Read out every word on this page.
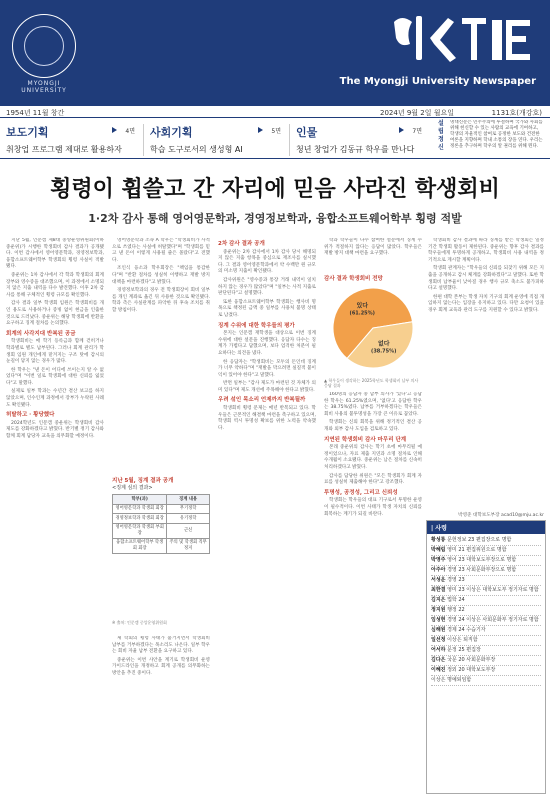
MYONGJI UNIVERSITY
The Myongji University Newspaper
1954년 11월 창간	2024년 9월 2일 월요일	1131호(개강호)
보도기획	4면
취창업 프로그램 제대로 활용하자
사회기획	5면
학습 도구로서의 생성형 AI
인물	7면
청년 창업가 김동규 학우를 만나다
설 립 정 신
명대신문은 민주주의에 투철하며 국가와 사회를 위해 헌신할 수 있는 사람의 교육에 기여하고, 학생의 자율적인 참여로 공정한 보도와 건전한 여론을 지향하며 학내 소통의 장을 연다. 우리는 정론을 추구하며 학우의 알 권리를 위해 뛴다.
횡령이 휩쓸고 간 자리에 믿음 사라진 학생회비
1·2차 감사 통해 영어영문학과, 경영정보학과, 융합소프트웨어학부 횡령 적발

지난 5월, 인문캠 제8대 중앙운영위원회(이하 중운위)가 시행한 학생회비 감사 결과가 공개됐다. 이번 감사에서 영어영문학과, 경영정보학과, 융합소프트웨어학부 학생회의 횡령 사실이 적발됐다.

중운위는 1차 감사에서 각 학과 학생회의 회계 장부와 영수증을 대조했으며, 이 과정에서 소명되지 않은 지출 내역을 다수 발견했다. 이후 2차 감사를 통해 구체적인 횡령 규모를 확인했다.

감사 결과 일부 학생회 임원은 학생회비를 개인 용도로 사용하거나 증빙 없이 현금을 인출한 것으로 드러났다. 중운위는 해당 학생회에 반환을 요구하고 징계 절차를 논의했다.

회계의 사각지대 반복된 공금

학생회비는 매 학기 등록금과 함께 걷히거나 학과별로 별도 납부된다. 그러나 회계 관리가 학생회 임원 개인에게 맡겨지는 구조 탓에 감시의 눈길이 닿지 않는 경우가 많다.

한 학우는 "낸 돈이 어디에 쓰이는지 알 수 없었다"며 "이번 일로 학생회에 대한 신뢰를 잃었다"고 말했다.

실제로 일부 학과는 수년간 결산 보고를 하지 않았으며, 인수인계 과정에서 장부가 누락된 사례도 확인됐다.

허탈하고 · 황당했다

2024학년도 인문캠 중운위는 학생회비 감사 제도를 강화하겠다고 밝혔다. 반기별 정기 감사와 함께 회계 담당자 교육을 의무화할 예정이다.

영어영문학과 소속 A 학우는 "학생회비가 사적으로 쓰였다는 사실에 허탈했다"며 "학생회를 믿고 낸 돈이 이렇게 사용될 줄은 몰랐다"고 전했다.

조인식 융소과 학우회장은 "책임을 통감한다"며 "반환 절차를 성실히 이행하고 재발 방지 대책을 마련하겠다"고 밝혔다.

경영정보학과의 경우 전 학생회장이 회비 일부를 개인 계좌로 옮긴 뒤 사용한 것으로 확인됐다. 학과 측은 사실관계를 파악한 뒤 후속 조치를 취할 방침이다.

지난 5월, 징계 결과 공개
<징계 심의 결과>
학부(과)	징계 내용
영어영문학과 학생회 회장	무기정학
경영정보학과 학생회 회장	유기정학
영어영문학과 학생회 부회장	근신
융합소프트웨어학부 학생회 회장	주의 및 학생회 직무 정지
※ 출처: 인문캠 중앙운영위원회

제 학회의 횡령 사태가 불거지면서 학생회비 납부를 거부하겠다는 목소리도 나온다. 일부 학우는 회비 자율 납부 전환을 요구하고 있다.

중운위는 이번 사안을 계기로 학생회비 운영 가이드라인을 개정하고 회계 공개를 의무화하는 방안을 추진 중이다.

2차 감사 결과 공개

중운위는 2차 감사에서 1차 감사 당시 해명되지 않은 지출 항목을 중심으로 재조사를 실시했다. 그 결과 영어영문학과에서 약 수백만 원 규모의 미소명 지출이 확인됐다.

감사위원은 "영수증과 통장 거래 내역이 일치하지 않는 경우가 많았다"며 "일부는 사적 지출로 판단된다"고 설명했다.

또한 융합소프트웨어학부 학생회는 행사비 명목으로 책정된 금액 중 일부를 사용처 불명 상태로 남겼다.

징계 수위에 대한 학우들의 평가

본지는 인문캠 재학생을 대상으로 이번 징계 수위에 대한 설문을 진행했다. 응답자 다수는 징계가 가볍다고 답했으며, 보다 엄격한 처분이 필요하다는 의견을 냈다.

한 응답자는 "학생회비는 모두의 돈인데 징계가 너무 약하다"며 "재발을 막으려면 실질적 불이익이 있어야 한다"고 말했다.

반면 일부는 "감사 제도가 마련된 것 자체가 의미 있다"며 제도 개선에 주목해야 한다고 밝혔다.

우려 섞인 목소리 언제까지 반복될까

학생회비 횡령 문제는 매년 반복되고 있다. 학우들은 근본적인 해결책 마련을 촉구하고 있으며, 학생회 역시 투명성 확보를 위한 노력을 약속했다.

학과 학우들이 다수 참여한 설문에서 징계 수위가 적절하지 않다는 응답이 많았다. 학우들은 재발 방지 대책 마련을 요구했다.

감사 결과 학생회비 전망
있다
(61.25%)
없다
(38.75%)
▲ 학우들이 생각하는 2025학년도 학생회비 납부 의사 응답 결과

160명의 응답자 중 납부 의사가 '있다'고 응답한 학우는 61.25%였으며, '없다'고 응답한 학우는 38.75%였다. 납부를 거부하겠다는 학우들은 회비 사용의 불투명성을 가장 큰 이유로 꼽았다.

학생회는 신뢰 회복을 위해 정기적인 결산 공개와 외부 감사 도입을 검토하고 있다.

지연된 학생회비 감사 마무리 단계

본래 중운위의 감사는 학기 초에 마무리될 예정이었으나, 자료 제출 지연과 소명 절차로 인해 수개월이 소요됐다. 중운위는 남은 절차를 신속히 처리하겠다고 밝혔다.

감사를 담당한 위원은 "모든 학생회가 회계 자료를 성실히 제출해야 한다"고 강조했다.

투명성, 공정성, 그리고 신뢰성

학생회는 학우들의 대표 기구로서 투명한 운영이 필수적이다. 이번 사태가 학생 자치의 신뢰를 회복하는 계기가 되길 바란다.

학생회비 감사 결과에 따라 징계를 받은 학생회는 일정 기간 학생회 활동이 제한된다. 중운위는 향후 감사 결과를 학우들에게 투명하게 공개하고, 학생회비 사용 내역을 정기적으로 게시할 계획이다.

학생회 관계자는 "학우들의 신뢰를 되찾기 위해 모든 지출을 공개하고 감시 체계를 강화하겠다"고 말했다. 또한 학생회비 납부율이 낮아질 경우 행사 규모 축소도 불가피하다고 설명했다.

한편 대학 본부는 학생 자치 기구의 회계 운영에 직접 개입하지 않는다는 입장을 유지하고 있다. 다만 요청이 있을 경우 회계 교육과 관리 도구를 지원할 수 있다고 밝혔다.

박영준 대학보도부장 acad10@mju.ac.kr
| 사령
황성룡 문헌정보 23 편집장으로 명함
박혜림 영미 21 편집위원으로 명함
박영주 영어 23 대학보도부장으로 명함
아주아 경영 23 사회문화부장으로 명함
서성운 경영 23
최한결 영미 23 이상은 대학보도부 정기자로 명함
김지은 법학 24
정지원 행정 22
임성현 경영 24 이상은 사회문화부 정기자로 명함
심해원 경제 24 수습기자
일선정 이상은 퇴직함
어서하 문정 25 편집장
김다은 국문 20 사회문화부장
이혜진 정외 20 대학보도부장
이상은 명예퇴임함
